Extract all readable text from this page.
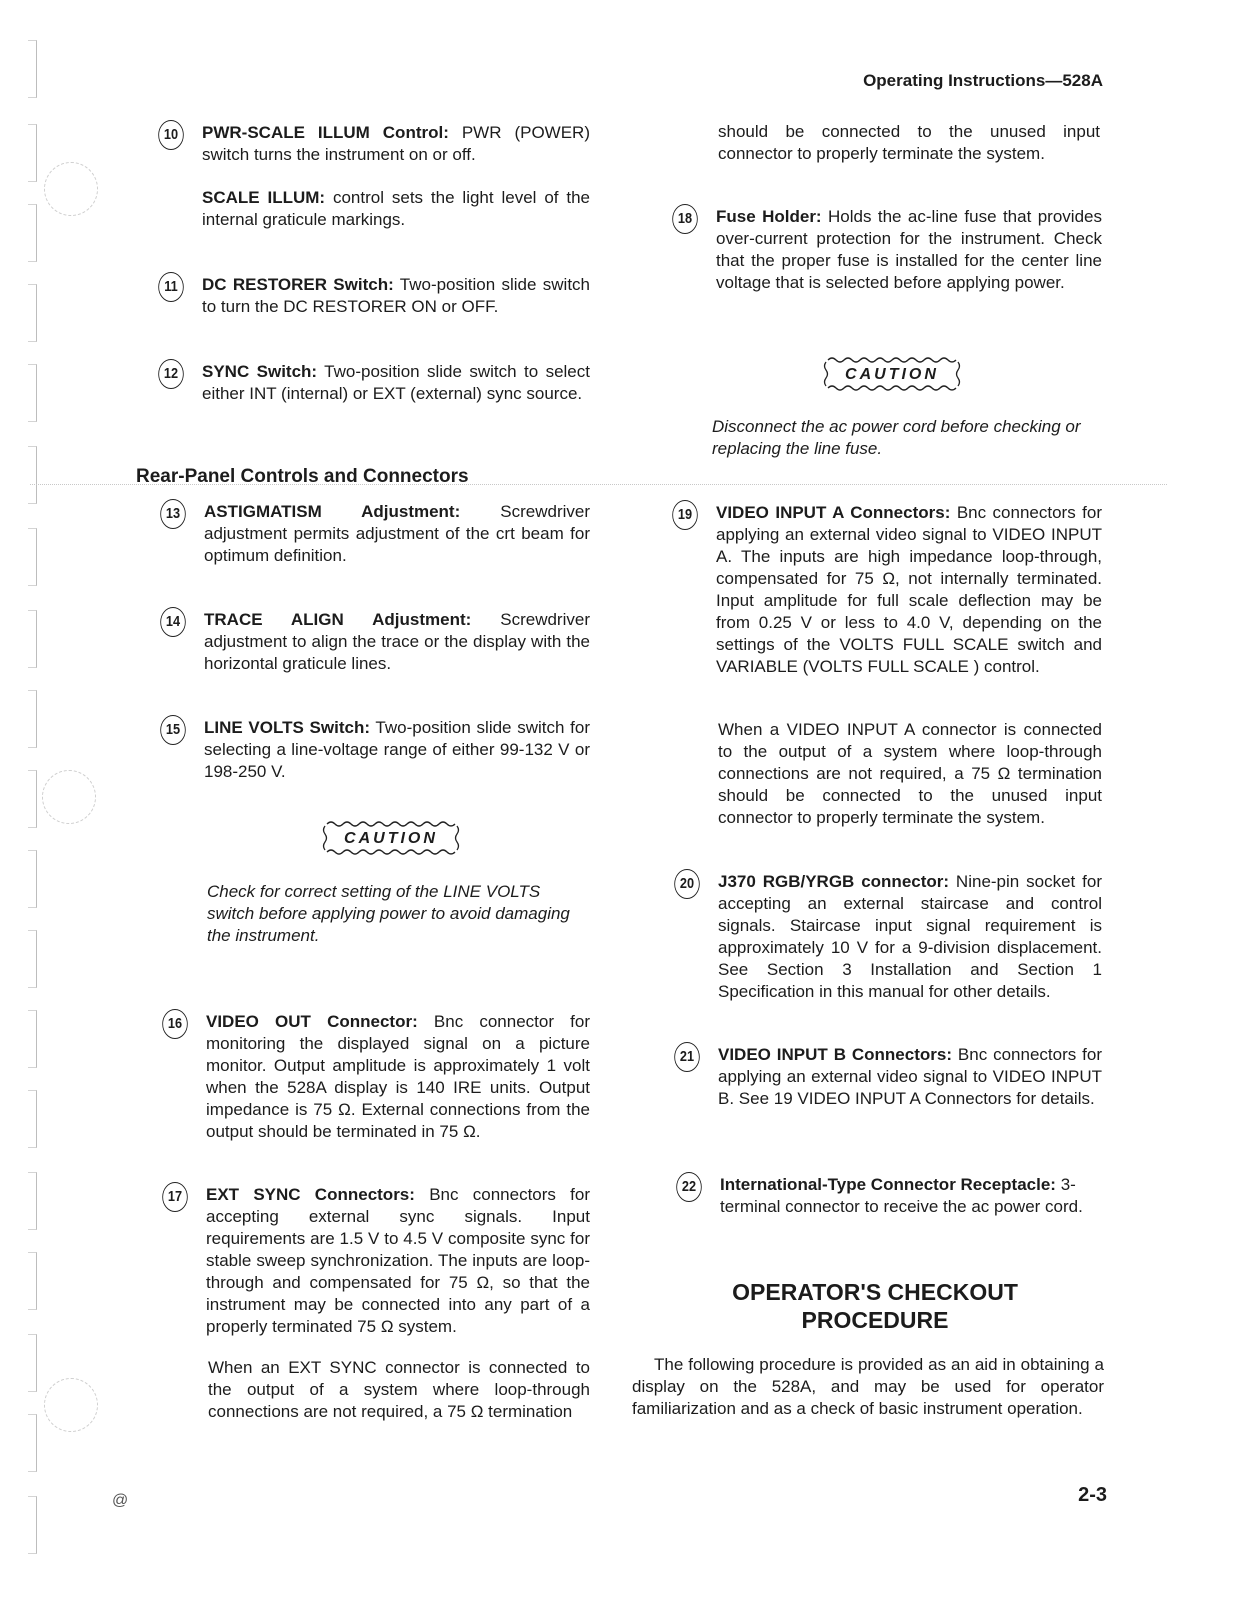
Operating Instructions—528A
Rear-Panel Controls and Connectors
10	PWR-SCALE ILLUM Control: PWR (POWER) switch turns the instrument on or off.
SCALE ILLUM: control sets the light level of the internal graticule markings.
11	DC RESTORER Switch: Two-position slide switch to turn the DC RESTORER ON or OFF.
12	SYNC Switch: Two-position slide switch to select either INT (internal) or EXT (external) sync source.
13	ASTIGMATISM Adjustment: Screwdriver adjustment permits adjustment of the crt beam for optimum definition.
14	TRACE ALIGN Adjustment: Screwdriver adjustment to align the trace or the display with the horizontal graticule lines.
15	LINE VOLTS Switch: Two-position slide switch for selecting a line-voltage range of either 99-132 V or 198-250 V.
CAUTION
Check for correct setting of the LINE VOLTS switch before applying power to avoid damaging the instrument.
16	VIDEO OUT Connector: Bnc connector for monitoring the displayed signal on a picture monitor. Output amplitude is approximately 1 volt when the 528A display is 140 IRE units. Output impedance is 75 Ω. External connections from the output should be terminated in 75 Ω.
17	EXT SYNC Connectors: Bnc connectors for accepting external sync signals. Input requirements are 1.5 V to 4.5 V composite sync for stable sweep synchronization. The inputs are loop-through and compensated for 75 Ω, so that the instrument may be connected into any part of a properly terminated 75 Ω system.
When an EXT SYNC connector is connected to the output of a system where loop-through connections are not required, a 75 Ω termination
should be connected to the unused input connector to properly terminate the system.
18	Fuse Holder: Holds the ac-line fuse that provides over-current protection for the instrument. Check that the proper fuse is installed for the center line voltage that is selected before applying power.
CAUTION
Disconnect the ac power cord before checking or replacing the line fuse.
19	VIDEO INPUT A Connectors: Bnc connectors for applying an external video signal to VIDEO INPUT A. The inputs are high impedance loop-through, compensated for 75 Ω, not internally terminated. Input amplitude for full scale deflection may be from 0.25 V or less to 4.0 V, depending on the settings of the VOLTS FULL SCALE switch and VARIABLE (VOLTS FULL SCALE ) control.
When a VIDEO INPUT A connector is connected to the output of a system where loop-through connections are not required, a 75 Ω termination should be connected to the unused input connector to properly terminate the system.
20	J370 RGB/YRGB connector: Nine-pin socket for accepting an external staircase and control signals. Staircase input signal requirement is approximately 10 V for a 9-division displacement. See Section 3 Installation and Section 1 Specification in this manual for other details.
21	VIDEO INPUT B Connectors: Bnc connectors for applying an external video signal to VIDEO INPUT B. See 19 VIDEO INPUT A Connectors for details.
22	International-Type Connector Receptacle: 3-terminal connector to receive the ac power cord.
OPERATOR'S CHECKOUT
PROCEDURE
The following procedure is provided as an aid in obtaining a display on the 528A, and may be used for operator familiarization and as a check of basic instrument operation.
@	2-3
